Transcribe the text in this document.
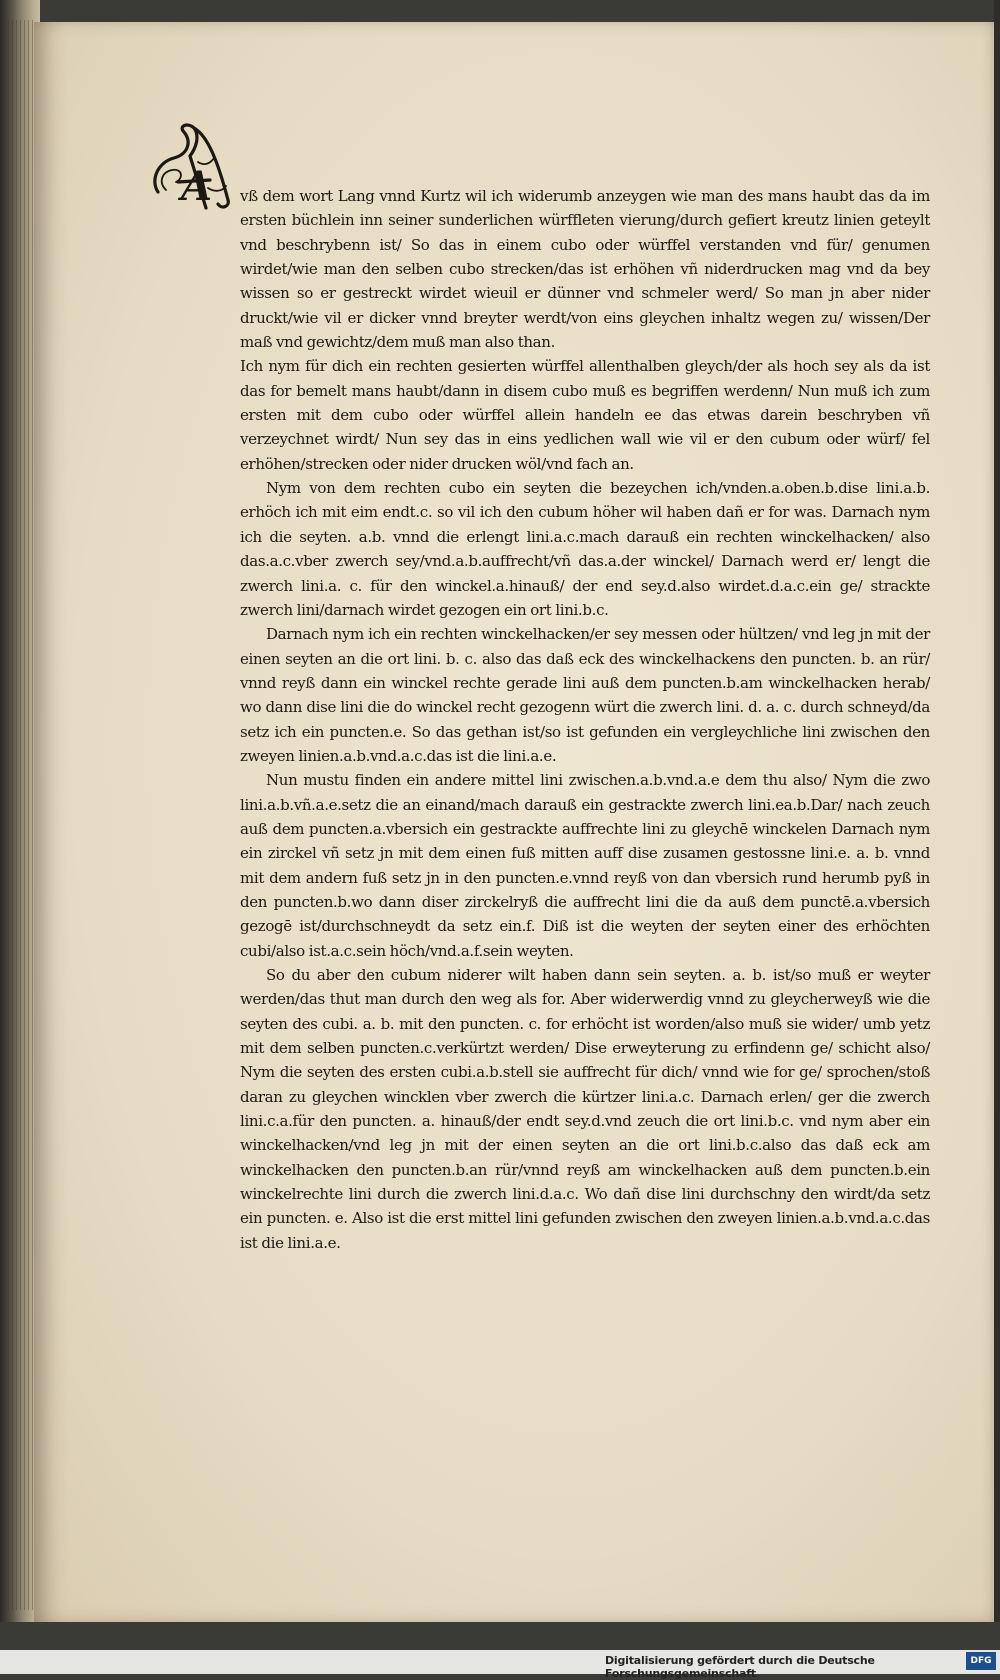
A vß dem wort Lang vnnd Kurtz wil ich widerumb anzeygen wie man des mans haubt das da im ersten büchlein inn seiner sunderlichen würffleten vierung/durch gefiert kreutz linien geteylt vnd beschrybenn ist/ So das in einem cubo oder würffel verstanden vnd für/ genumen wirdet/wie man den selben cubo strecken/das ist erhöhen vñ niderdrucken mag vnd da bey wissen so er gestreckt wirdet wieuil er dünner vnd schmeler werd/ So man jn aber nider druckt/wie vil er dicker vnnd breyter werdt/von eins gleychen inhaltz wegen zu/ wissen/Der maß vnd gewichtz/dem muß man also than.

Ich nym für dich ein rechten gesierten würffel allenthalben gleych/der als hoch sey als da ist das for bemelt mans haubt/dann in disem cubo muß es begriffen werdenn/ Nun muß ich zum ersten mit dem cubo oder würffel allein handeln ee das etwas darein beschryben vñ verzeychnet wirdt/ Nun sey das in eins yedlichen wall wie vil er den cubum oder würf/ fel erhöhen/strecken oder nider drucken wöl/vnd fach an.

Nym von dem rechten cubo ein seyten die bezeychen ich/vnden.a.oben.b.dise lini.a.b. erhöch ich mit eim endt.c. so vil ich den cubum höher wil haben dañ er for was. Darnach nym ich die seyten. a.b. vnnd die erlengt lini.a.c.mach darauß ein rechten winckelhacken/ also das.a.c.vber zwerch sey/vnd.a.b.auffrecht/vñ das.a.der winckel/ Darnach werd er/ lengt die zwerch lini.a. c. für den winckel.a.hinauß/ der end sey.d.also wirdet.d.a.c.ein ge/ strackte zwerch lini/darnach wirdet gezogen ein ort lini.b.c.

Darnach nym ich ein rechten winckelhacken/er sey messen oder hültzen/ vnd leg jn mit der einen seyten an die ort lini. b. c. also das daß eck des winckelhackens den puncten. b. an rür/ vnnd reyß dann ein winckel rechte gerade lini auß dem puncten.b.am winckelhacken herab/ wo dann dise lini die do winckel recht gezogenn würt die zwerch lini. d. a. c. durch schneyd/da setz ich ein puncten.e. So das gethan ist/so ist gefunden ein vergleychliche lini zwischen den zweyen linien.a.b.vnd.a.c.das ist die lini.a.e.

Nun mustu finden ein andere mittel lini zwischen.a.b.vnd.a.e dem thu also/ Nym die zwo lini.a.b.vñ.a.e.setz die an einand/mach darauß ein gestrackte zwerch lini.ea.b.Dar/ nach zeuch auß dem puncten.a.vbersich ein gestrackte auffrechte lini zu gleychē winckelen Darnach nym ein zirckel vñ setz jn mit dem einen fuß mitten auff dise zusamen gestossne lini.e. a. b. vnnd mit dem andern fuß setz jn in den puncten.e.vnnd reyß von dan vbersich rund herumb pyß in den puncten.b.wo dann diser zirckelryß die auffrecht lini die da auß dem punctē.a.vbersich gezogē ist/durchschneydt da setz ein.f. Diß ist die weyten der seyten einer des erhöchten cubi/also ist.a.c.sein höch/vnd.a.f.sein weyten.

So du aber den cubum niderer wilt haben dann sein seyten. a. b. ist/so muß er weyter werden/das thut man durch den weg als for. Aber widerwerdig vnnd zu gleycherweyß wie die seyten des cubi. a. b. mit den puncten. c. for erhöcht ist worden/also muß sie wider/ umb yetz mit dem selben puncten.c.verkürtzt werden/ Dise erweyterung zu erfindenn ge/ schicht also/ Nym die seyten des ersten cubi.a.b.stell sie auffrecht für dich/ vnnd wie for ge/ sprochen/stoß daran zu gleychen wincklen vber zwerch die kürtzer lini.a.c. Darnach erlen/ ger die zwerch lini.c.a.für den puncten. a. hinauß/der endt sey.d.vnd zeuch die ort lini.b.c. vnd nym aber ein winckelhacken/vnd leg jn mit der einen seyten an die ort lini.b.c.also das daß eck am winckelhacken den puncten.b.an rür/vnnd reyß am winckelhacken auß dem puncten.b.ein winckelrechte lini durch die zwerch lini.d.a.c. Wo dañ dise lini durchschny den wirdt/da setz ein puncten. e. Also ist die erst mittel lini gefunden zwischen den zweyen linien.a.b.vnd.a.c.das ist die lini.a.e.

Digitalisierung gefördert durch die Deutsche Forschungsgemeinschaft
DFG
